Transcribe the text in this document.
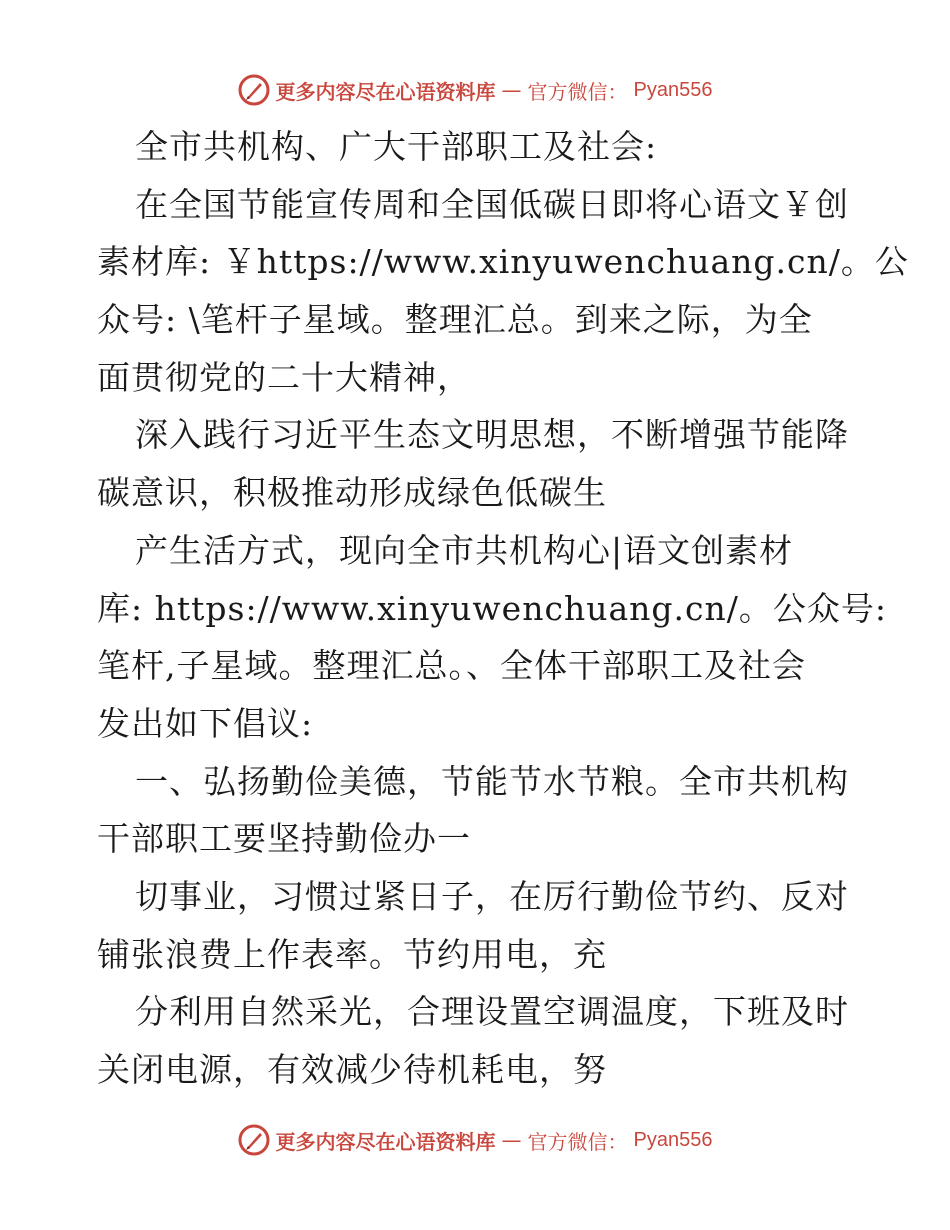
更多内容尽在心语资料库 — 官方微信： Pyan556
全市共机构、广大干部职工及社会:
在全国节能宣传周和全国低碳日即将心语文￥创
素材库: ￥https://www.xinyuwenchuang.cn/。公
众号: \笔杆子星域。整理汇总。到来之际，为全
面贯彻党的二十大精神，
深入践行习近平生态文明思想，不断增强节能降
碳意识，积极推动形成绿色低碳生
产生活方式，现向全市共机构心|语文创素材
库: https://www.xinyuwenchuang.cn/。公众号:
笔杆,子星域。整理汇总。、全体干部职工及社会
发出如下倡议:
一、弘扬勤俭美德，节能节水节粮。全市共机构
干部职工要坚持勤俭办一
切事业，习惯过紧日子，在厉行勤俭节约、反对
铺张浪费上作表率。节约用电，充
分利用自然采光，合理设置空调温度，下班及时
关闭电源，有效减少待机耗电，努
更多内容尽在心语资料库 — 官方微信： Pyan556
